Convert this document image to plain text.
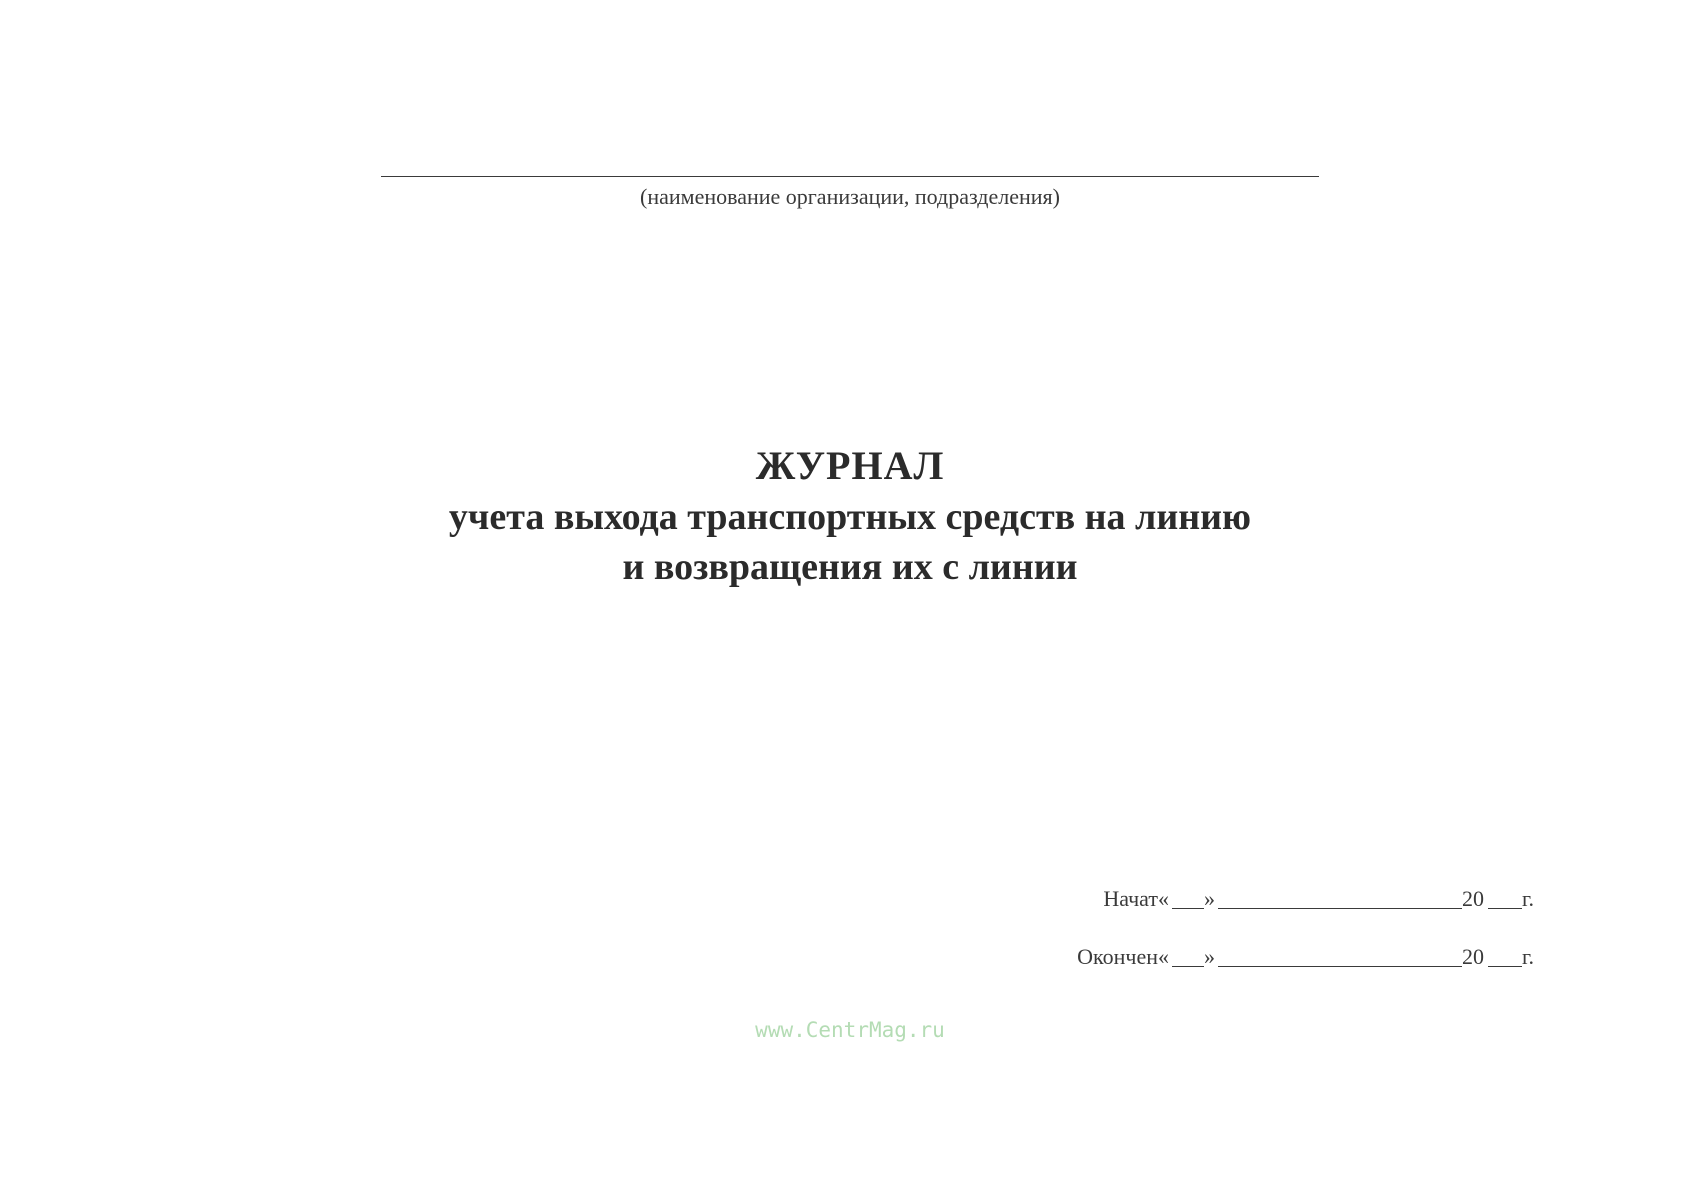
(наименование организации, подразделения)
ЖУРНАЛ
учета выхода транспортных средств на линию
и возвращения их с линии
Начат « »	20 г.
Окончен « »	20 г.
www.CentrMag.ru
